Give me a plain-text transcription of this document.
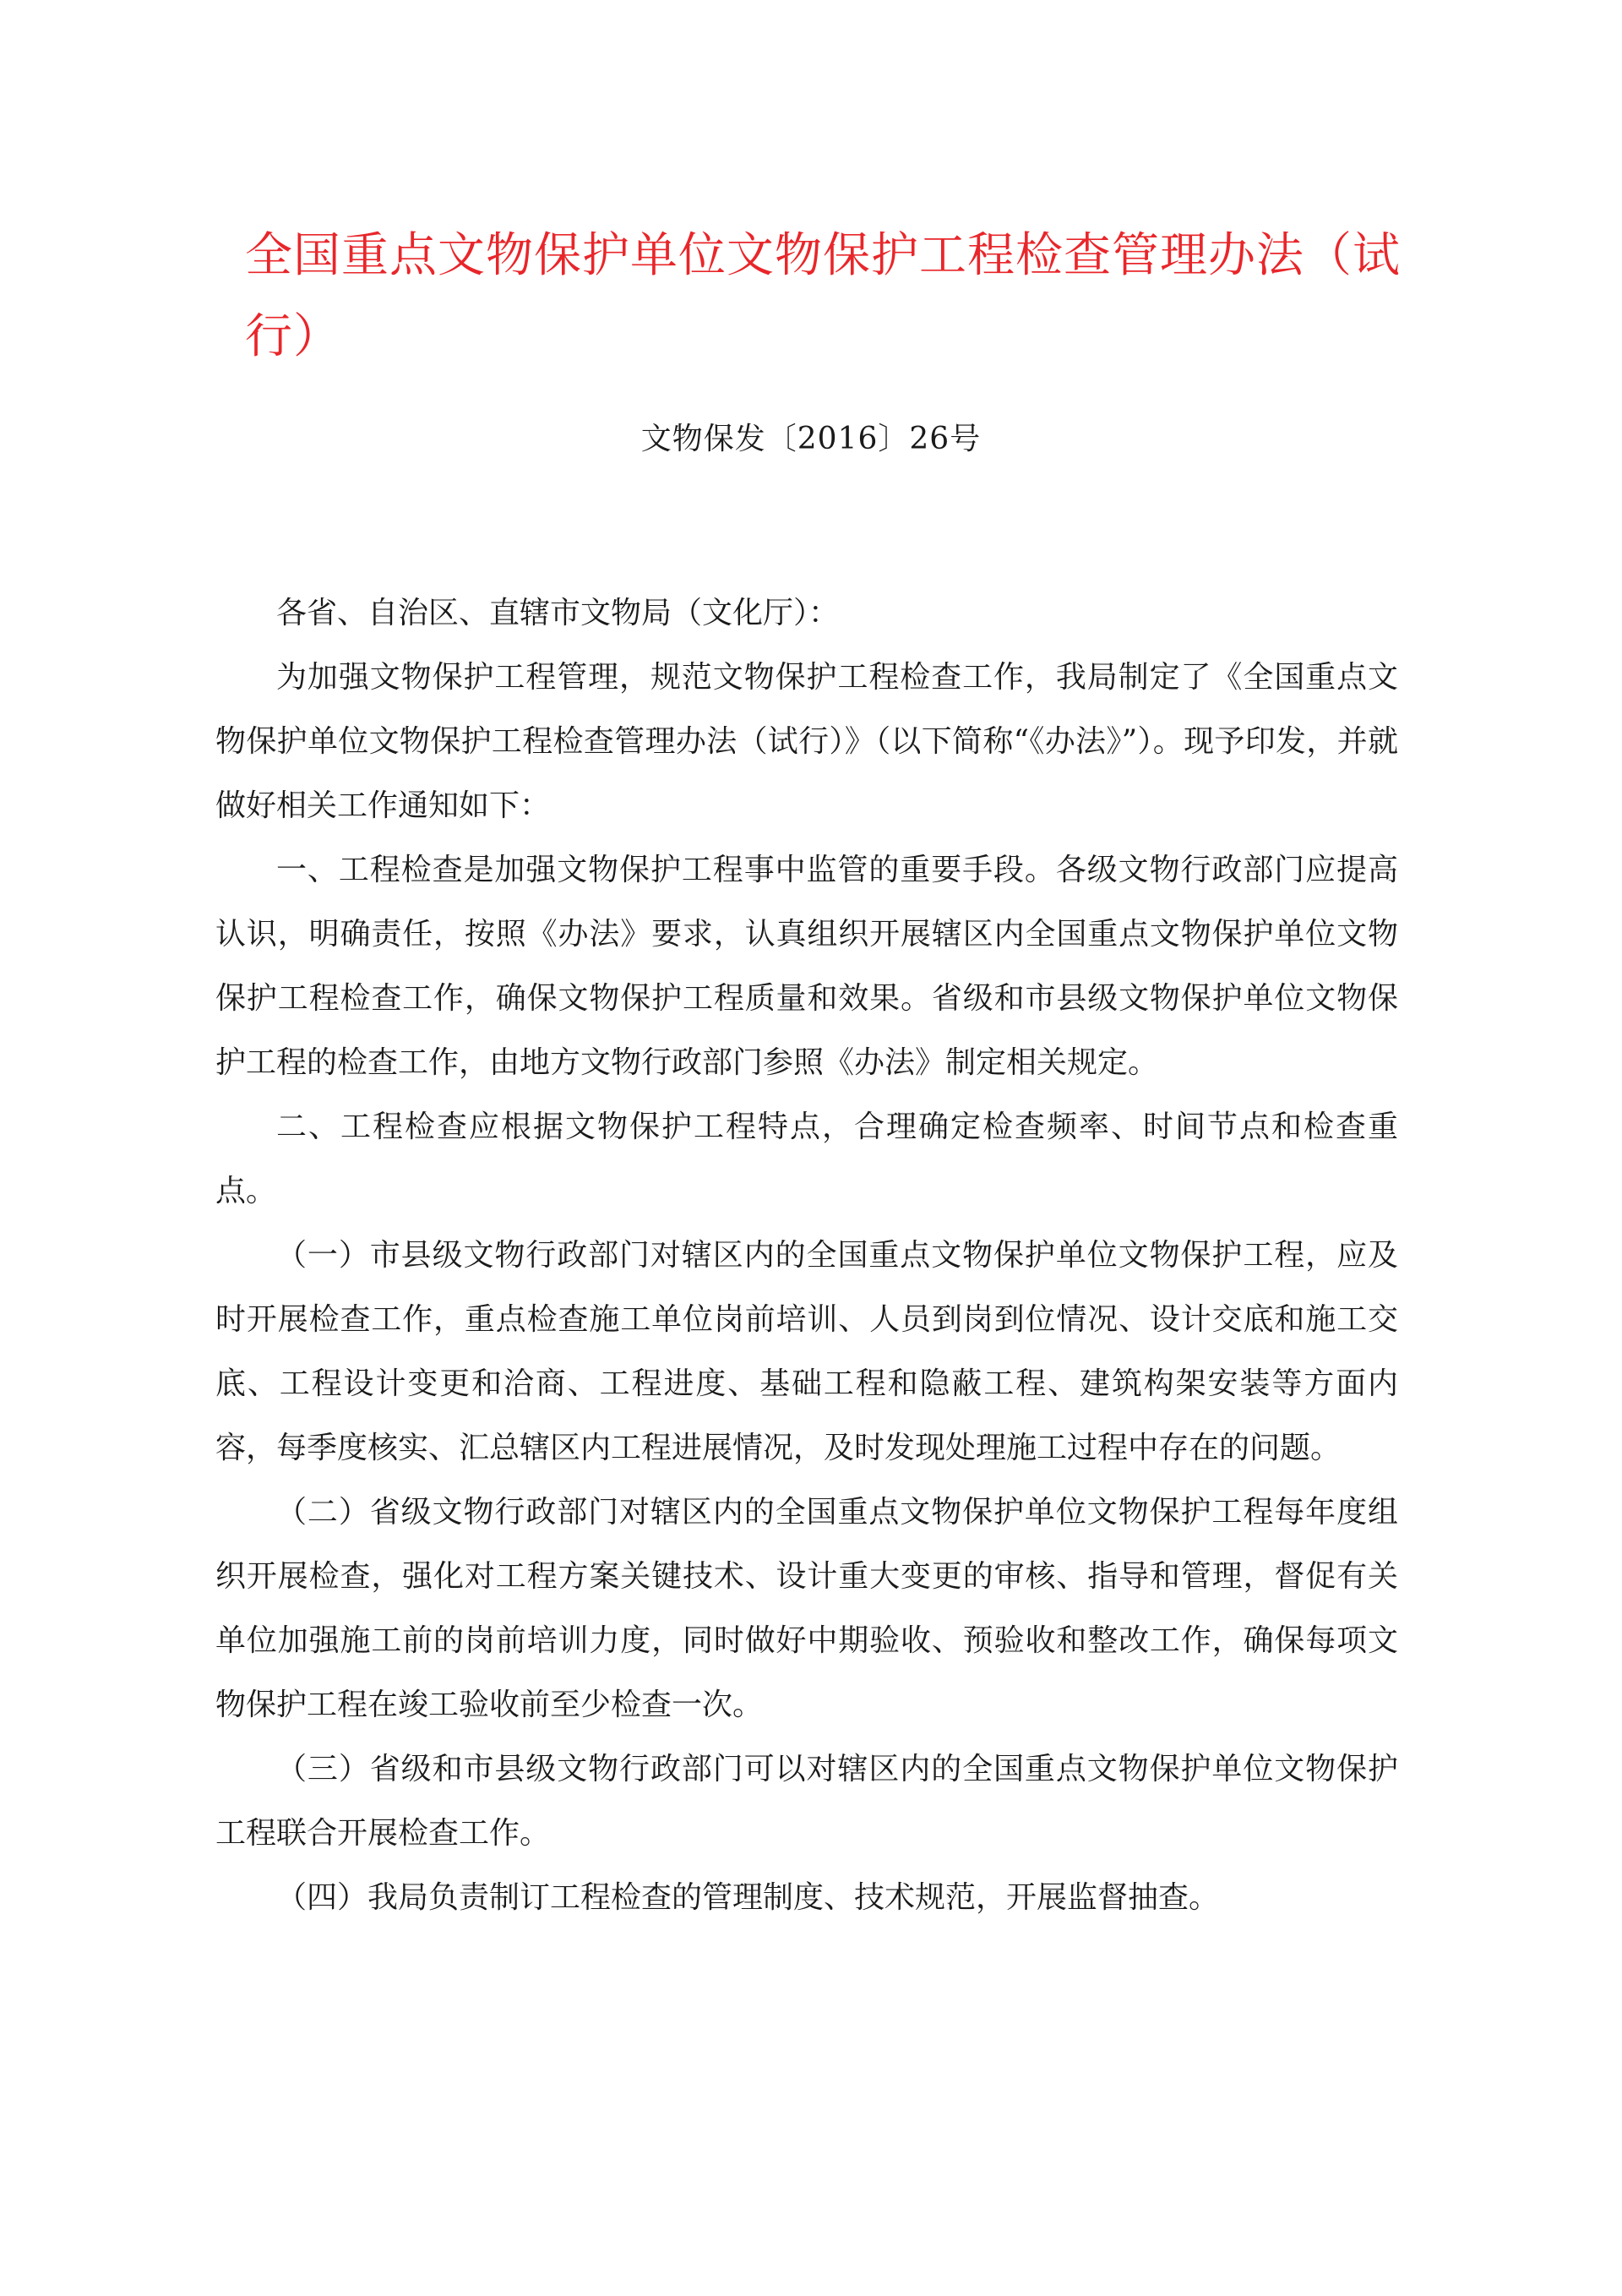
全国重点文物保护单位文物保护工程检查管理办法（试行）
文物保发〔2016〕26号

各省、自治区、直辖市文物局（文化厅）：

为加强文物保护工程管理，规范文物保护工程检查工作，我局制定了《全国重点文物保护单位文物保护工程检查管理办法（试行）》（以下简称“《办法》”）。现予印发，并就做好相关工作通知如下：

一、工程检查是加强文物保护工程事中监管的重要手段。各级文物行政部门应提高认识，明确责任，按照《办法》要求，认真组织开展辖区内全国重点文物保护单位文物保护工程检查工作，确保文物保护工程质量和效果。省级和市县级文物保护单位文物保护工程的检查工作，由地方文物行政部门参照《办法》制定相关规定。

二、工程检查应根据文物保护工程特点，合理确定检查频率、时间节点和检查重点。

（一）市县级文物行政部门对辖区内的全国重点文物保护单位文物保护工程，应及时开展检查工作，重点检查施工单位岗前培训、人员到岗到位情况、设计交底和施工交底、工程设计变更和洽商、工程进度、基础工程和隐蔽工程、建筑构架安装等方面内容，每季度核实、汇总辖区内工程进展情况，及时发现处理施工过程中存在的问题。

（二）省级文物行政部门对辖区内的全国重点文物保护单位文物保护工程每年度组织开展检查，强化对工程方案关键技术、设计重大变更的审核、指导和管理，督促有关单位加强施工前的岗前培训力度，同时做好中期验收、预验收和整改工作，确保每项文物保护工程在竣工验收前至少检查一次。

（三）省级和市县级文物行政部门可以对辖区内的全国重点文物保护单位文物保护工程联合开展检查工作。

（四）我局负责制订工程检查的管理制度、技术规范，开展监督抽查。
